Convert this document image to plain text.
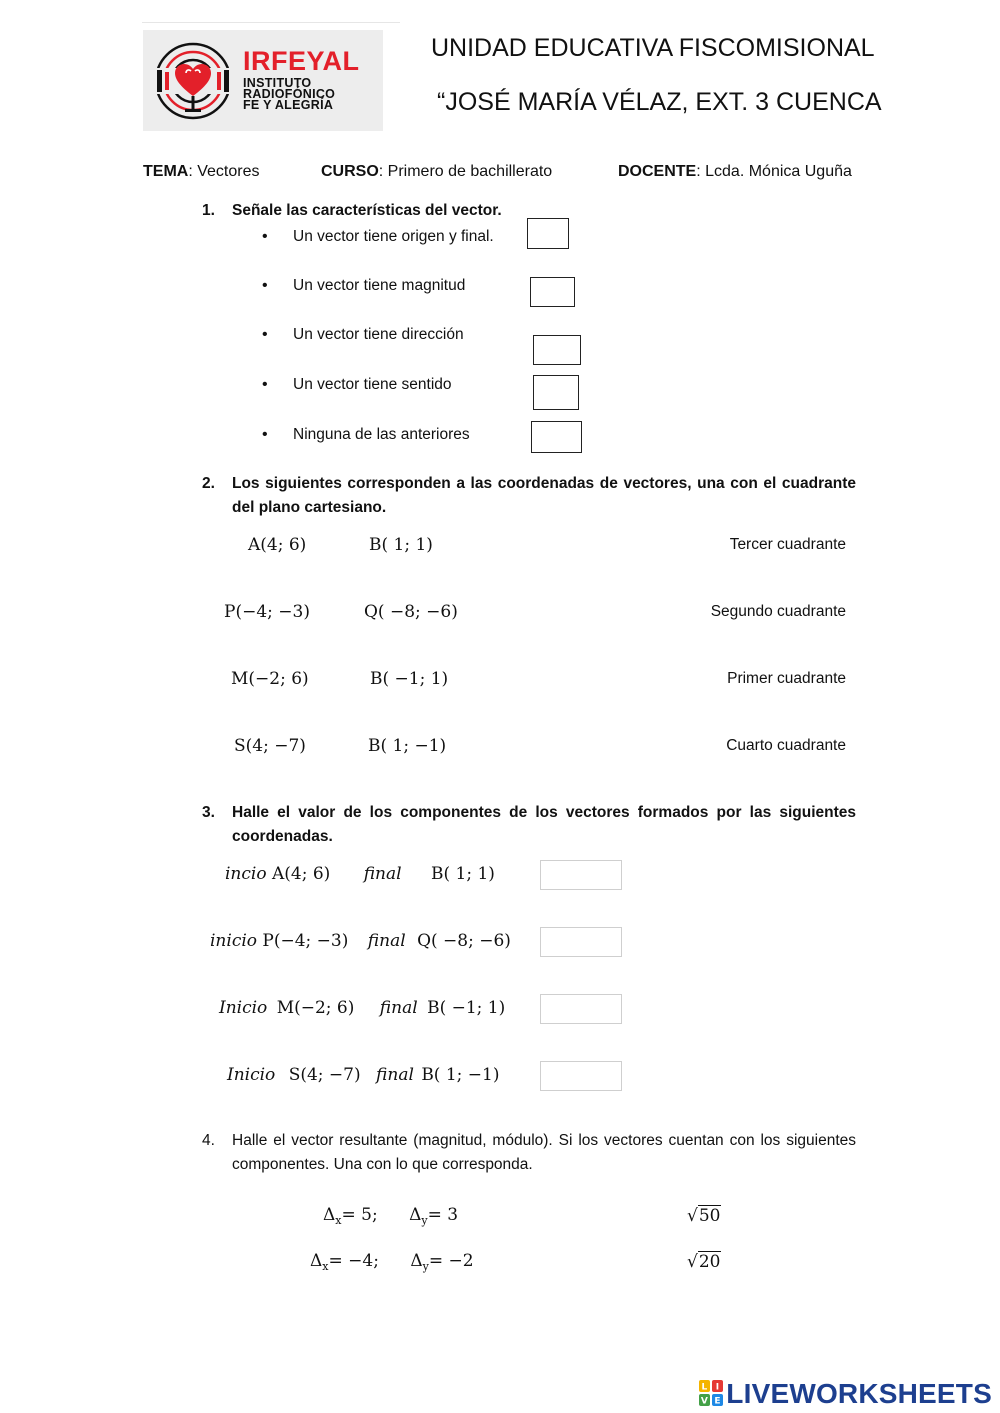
IRFEYAL
INSTITUTO
RADIOFÓNICO
FE Y ALEGRÍA
UNIDAD EDUCATIVA FISCOMISIONAL
“JOSÉ MARÍA VÉLAZ, EXT. 3 CUENCA
TEMA: Vectores	CURSO: Primero de bachillerato	DOCENTE: Lcda. Mónica Uguña
1. Señale las características del vector.
• Un vector tiene origen y final.
• Un vector tiene magnitud
• Un vector tiene dirección
• Un vector tiene sentido
• Ninguna de las anteriores
2. Los siguientes corresponden a las coordenadas de vectores, una con el cuadrante del plano cartesiano.
A(4; 6)	B( 1; 1)	Tercer cuadrante
P(−4; −3)	Q( −8; −6)	Segundo cuadrante
M(−2; 6)	B( −1; 1)	Primer cuadrante
S(4; −7)	B( 1; −1)	Cuarto cuadrante
3. Halle el valor de los componentes de los vectores formados por las siguientes coordenadas.
incio A(4; 6) final B( 1; 1)
inicio P(−4; −3) final Q( −8; −6)
Inicio M(−2; 6) final B( −1; 1)
Inicio S(4; −7) final B( 1; −1)
4. Halle el vector resultante (magnitud, módulo). Si los vectores cuentan con los siguientes componentes. Una con lo que corresponda.
$\Delta_x= 5$; $\Delta_y= 3$	√50
$\Delta_x= -4$; $\Delta_y= -2$	√20
L I
V E LIVEWORKSHEETS
